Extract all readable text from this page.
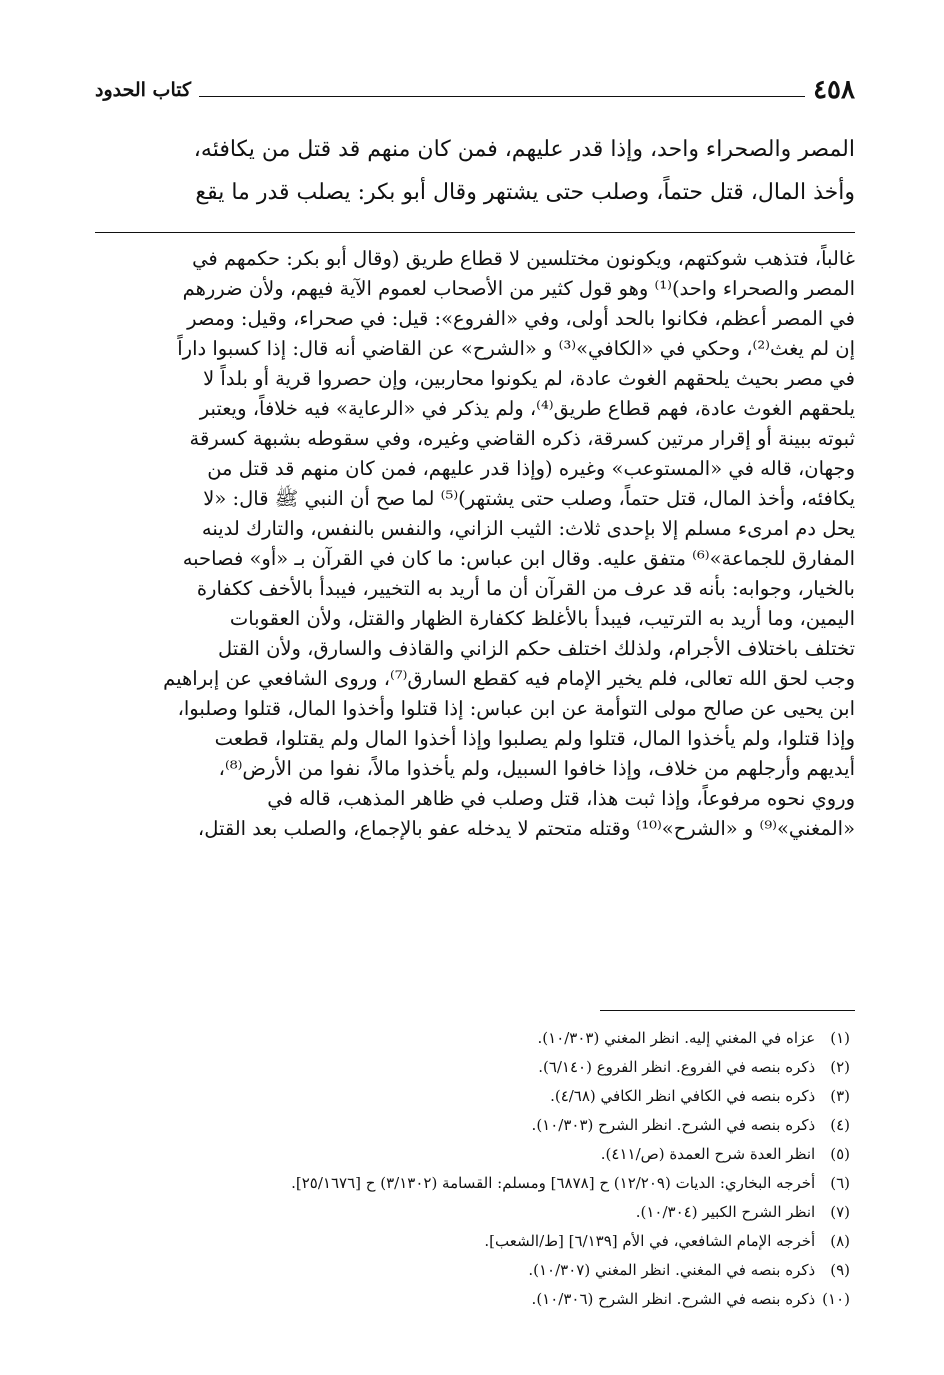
٤٥٨
كتاب الحدود

المصر والصحراء واحد، وإذا قدر عليهم، فمن كان منهم قد قتل من يكافئه،

وأخذ المال، قتل حتماً، وصلب حتى يشتهر وقال أبو بكر: يصلب قدر ما يقع

غالباً، فتذهب شوكتهم، ويكونون مختلسين لا قطاع طريق (وقال أبو بكر: حكمهم في

المصر والصحراء واحد)⁽¹⁾ وهو قول كثير من الأصحاب لعموم الآية فيهم، ولأن ضررهم

في المصر أعظم، فكانوا بالحد أولى، وفي «الفروع»: قيل: في صحراء، وقيل: ومصر

إن لم يغث⁽²⁾، وحكي في «الكافي»⁽³⁾ و «الشرح» عن القاضي أنه قال: إذا كسبوا داراً

في مصر بحيث يلحقهم الغوث عادة، لم يكونوا محاربين، وإن حصروا قرية أو بلداً لا

يلحقهم الغوث عادة، فهم قطاع طريق⁽⁴⁾، ولم يذكر في «الرعاية» فيه خلافاً، ويعتبر

ثبوته ببينة أو إقرار مرتين كسرقة، ذكره القاضي وغيره، وفي سقوطه بشبهة كسرقة

وجهان، قاله في «المستوعب» وغيره (وإذا قدر عليهم، فمن كان منهم قد قتل من

يكافئه، وأخذ المال، قتل حتماً، وصلب حتى يشتهر)⁽⁵⁾ لما صح أن النبي ﷺ قال: «لا

يحل دم امرىء مسلم إلا بإحدى ثلاث: الثيب الزاني، والنفس بالنفس، والتارك لدينه

المفارق للجماعة»⁽⁶⁾ متفق عليه. وقال ابن عباس: ما كان في القرآن بـ «أو» فصاحبه

بالخيار، وجوابه: بأنه قد عرف من القرآن أن ما أريد به التخيير، فيبدأ بالأخف ككفارة

اليمين، وما أريد به الترتيب، فيبدأ بالأغلظ ككفارة الظهار والقتل، ولأن العقوبات

تختلف باختلاف الأجرام، ولذلك اختلف حكم الزاني والقاذف والسارق، ولأن القتل

وجب لحق الله تعالى، فلم يخير الإمام فيه كقطع السارق⁽⁷⁾، وروى الشافعي عن إبراهيم

ابن يحيى عن صالح مولى التوأمة عن ابن عباس: إذا قتلوا وأخذوا المال، قتلوا وصلبوا،

وإذا قتلوا، ولم يأخذوا المال، قتلوا ولم يصلبوا وإذا أخذوا المال ولم يقتلوا، قطعت

أيديهم وأرجلهم من خلاف، وإذا خافوا السبيل، ولم يأخذوا مالاً، نفوا من الأرض⁽⁸⁾،

وروي نحوه مرفوعاً، وإذا ثبت هذا، قتل وصلب في ظاهر المذهب، قاله في

«المغني»⁽⁹⁾ و «الشرح»⁽¹⁰⁾ وقتله متحتم لا يدخله عفو بالإجماع، والصلب بعد القتل،

(١) عزاه في المغني إليه. انظر المغني (١٠/٣٠٣).
(٢) ذكره بنصه في الفروع. انظر الفروع (٦/١٤٠).
(٣) ذكره بنصه في الكافي انظر الكافي (٤/٦٨).
(٤) ذكره بنصه في الشرح. انظر الشرح (١٠/٣٠٣).
(٥) انظر العدة شرح العمدة (ص/٤١١).
(٦) أخرجه البخاري: الديات (١٢/٢٠٩) ح [٦٨٧٨] ومسلم: القسامة (٣/١٣٠٢) ح [٢٥/١٦٧٦].
(٧) انظر الشرح الكبير (١٠/٣٠٤).
(٨) أخرجه الإمام الشافعي، في الأم [٦/١٣٩] [ط/الشعب].
(٩) ذكره بنصه في المغني. انظر المغني (١٠/٣٠٧).
(١٠) ذكره بنصه في الشرح. انظر الشرح (١٠/٣٠٦).
